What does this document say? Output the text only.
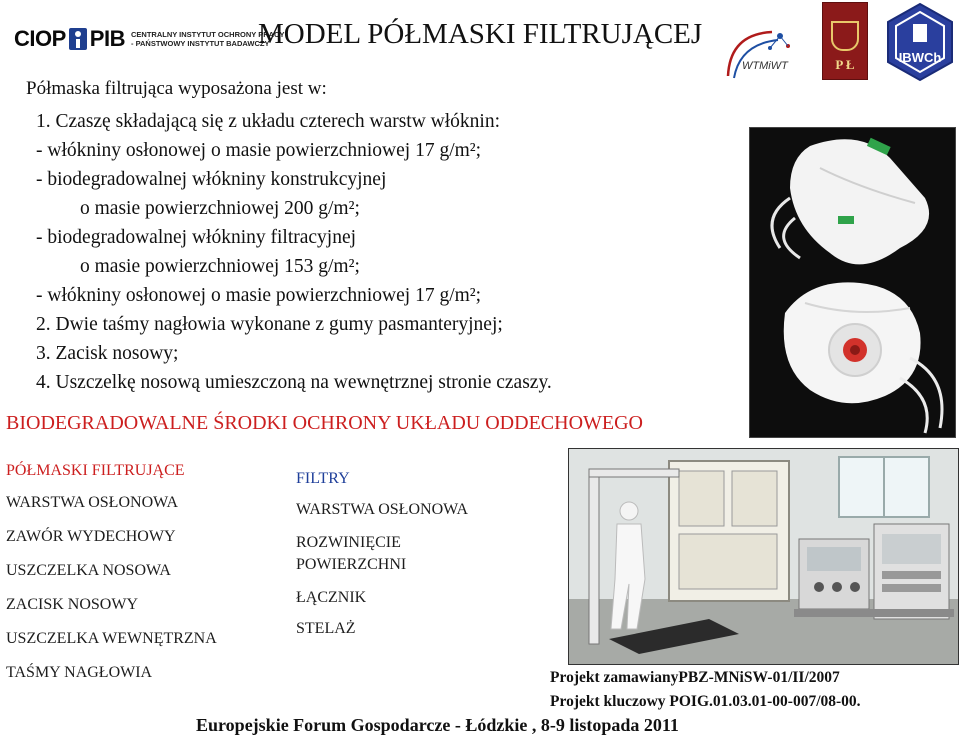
CIOP PIB CENTRALNY INSTYTUT OCHRONY PRACY
- PAŃSTWOWY INSTYTUT BADAWCZY
MODEL PÓŁMASKI FILTRUJĄCEJ
WTMiWT	P Ł	IBWCh
Półmaska filtrująca wyposażona jest w:
1. Czaszę składającą się z układu czterech warstw włóknin:
- włókniny osłonowej o masie powierzchniowej 17 g/m²;
- biodegradowalnej włókniny konstrukcyjnej
o masie powierzchniowej 200 g/m²;
- biodegradowalnej włókniny filtracyjnej
o masie powierzchniowej 153 g/m²;
- włókniny osłonowej o masie powierzchniowej 17 g/m²;
2. Dwie taśmy nagłowia wykonane z gumy pasmanteryjnej;
3. Zacisk nosowy;
4. Uszczelkę nosową umieszczoną na wewnętrznej stronie czaszy.
BIODEGRADOWALNE ŚRODKI OCHRONY UKŁADU ODDECHOWEGO
PÓŁMASKI FILTRUJĄCE
WARSTWA OSŁONOWA
ZAWÓR WYDECHOWY
USZCZELKA NOSOWA
ZACISK NOSOWY
USZCZELKA WEWNĘTRZNA
TAŚMY NAGŁOWIA
FILTRY
WARSTWA OSŁONOWA
ROZWINIĘCIE
POWIERZCHNI
ŁĄCZNIK
STELAŻ
Projekt zamawianyPBZ-MNiSW-01/II/2007
Projekt kluczowy POIG.01.03.01-00-007/08-00.
Europejskie Forum Gospodarcze - Łódzkie , 8-9 listopada 2011
